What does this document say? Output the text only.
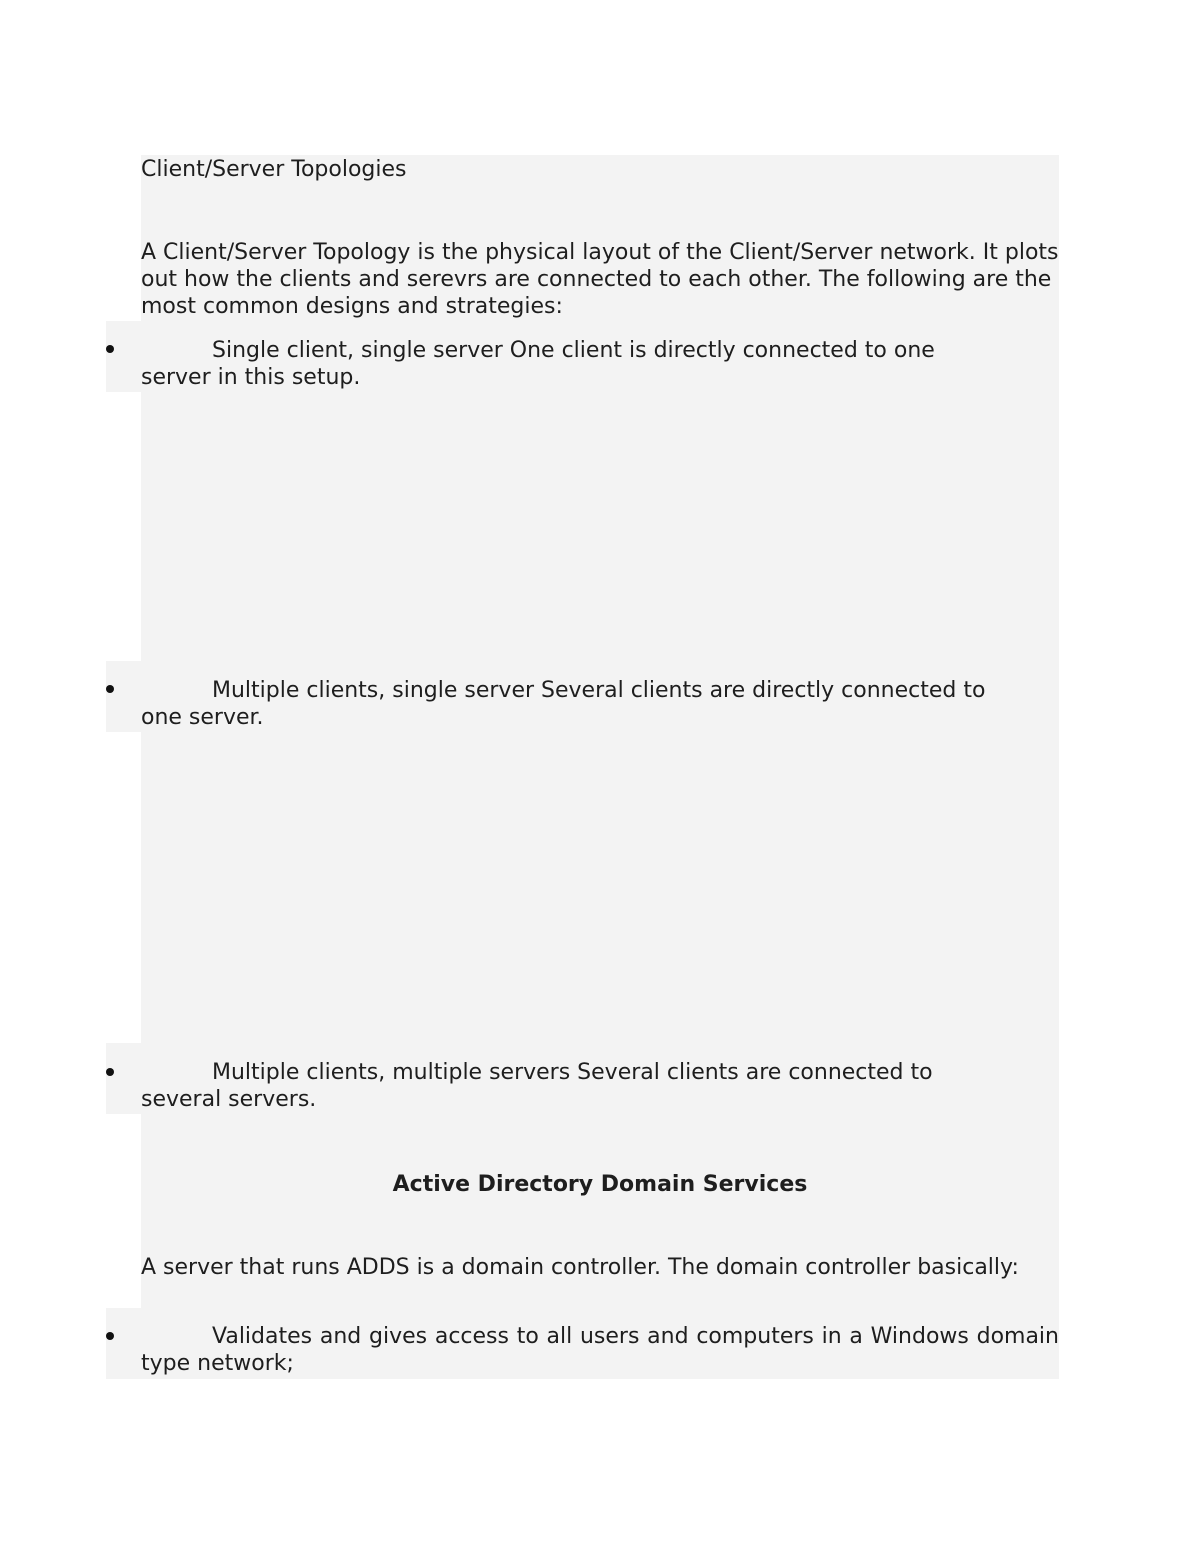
Client/Server Topologies

A Client/Server Topology is the physical layout of the Client/Server network. It plots out how the clients and serevrs are connected to each other. The following are the most common designs and strategies:

Single client, single server One client is directly connected to one

server in this setup.

Multiple clients, single server Several clients are directly connected to

one server.

Multiple clients, multiple servers Several clients are connected to

several servers.

Active Directory Domain Services

A server that runs ADDS is a domain controller. The domain controller basically:

Validates and gives access to all users and computers in a Windows domain type network;
